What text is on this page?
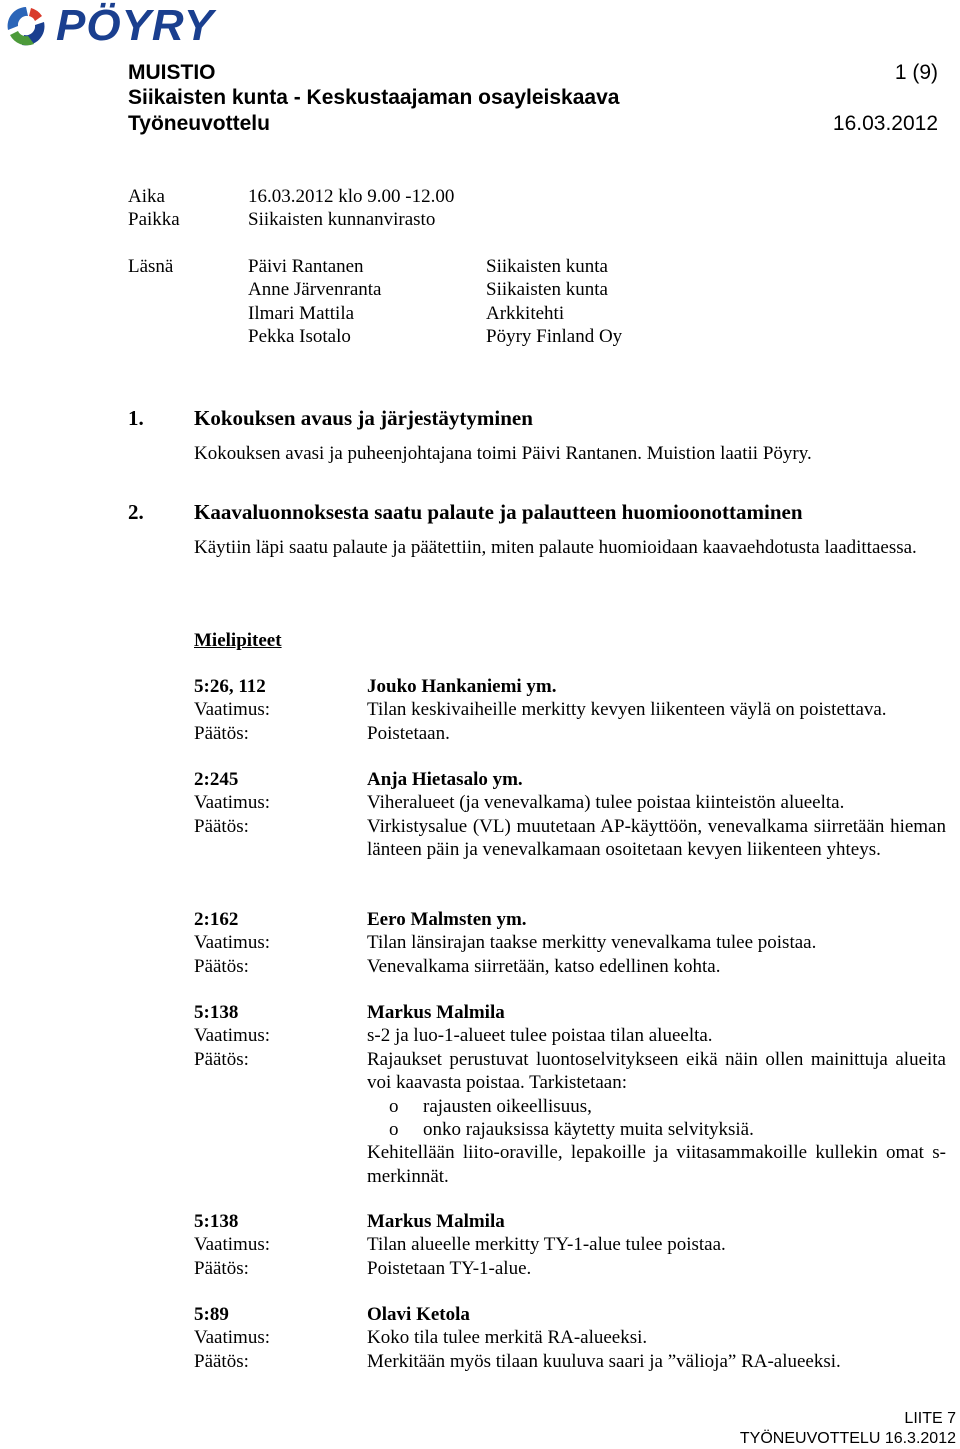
PÖYRY
MUISTIO	1 (9)
Siikaisten kunta - Keskustaajaman osayleiskaava
Työneuvottelu	16.03.2012
Aika	16.03.2012 klo 9.00 -12.00
Paikka	Siikaisten kunnanvirasto
Läsnä	Päivi Rantanen	Siikaisten kunta
Anne Järvenranta	Siikaisten kunta
Ilmari Mattila	Arkkitehti
Pekka Isotalo	Pöyry Finland Oy
1. Kokouksen avaus ja järjestäytyminen
Kokouksen avasi ja puheenjohtajana toimi Päivi Rantanen. Muistion laatii Pöyry.
2. Kaavaluonnoksesta saatu palaute ja palautteen huomioonottaminen
Käytiin läpi saatu palaute ja päätettiin, miten palaute huomioidaan kaavaehdotusta laadittaessa.
Mielipiteet
5:26, 112	Jouko Hankaniemi ym.
Vaatimus:	Tilan keskivaiheille merkitty kevyen liikenteen väylä on poistettava.
Päätös:	Poistetaan.
2:245	Anja Hietasalo ym.
Vaatimus:	Viheralueet (ja venevalkama) tulee poistaa kiinteistön alueelta.
Päätös:	Virkistysalue (VL) muutetaan AP-käyttöön, venevalkama siirretään hieman länteen päin ja venevalkamaan osoitetaan kevyen liikenteen yhteys.
2:162	Eero Malmsten ym.
Vaatimus:	Tilan länsirajan taakse merkitty venevalkama tulee poistaa.
Päätös:	Venevalkama siirretään, katso edellinen kohta.
5:138	Markus Malmila
Vaatimus:	s-2 ja luo-1-alueet tulee poistaa tilan alueelta.
Päätös:	Rajaukset perustuvat luontoselvitykseen eikä näin ollen mainittuja alueita voi kaavasta poistaa. Tarkistetaan:
o	rajausten oikeellisuus,
o	onko rajauksissa käytetty muita selvityksiä.
Kehitellään liito-oraville, lepakoille ja viitasammakoille kullekin omat s-merkinnät.
5:138	Markus Malmila
Vaatimus:	Tilan alueelle merkitty TY-1-alue tulee poistaa.
Päätös:	Poistetaan TY-1-alue.
5:89	Olavi Ketola
Vaatimus:	Koko tila tulee merkitä RA-alueeksi.
Päätös:	Merkitään myös tilaan kuuluva saari ja ”välioja” RA-alueeksi.
LIITE 7
TYÖNEUVOTTELU 16.3.2012
